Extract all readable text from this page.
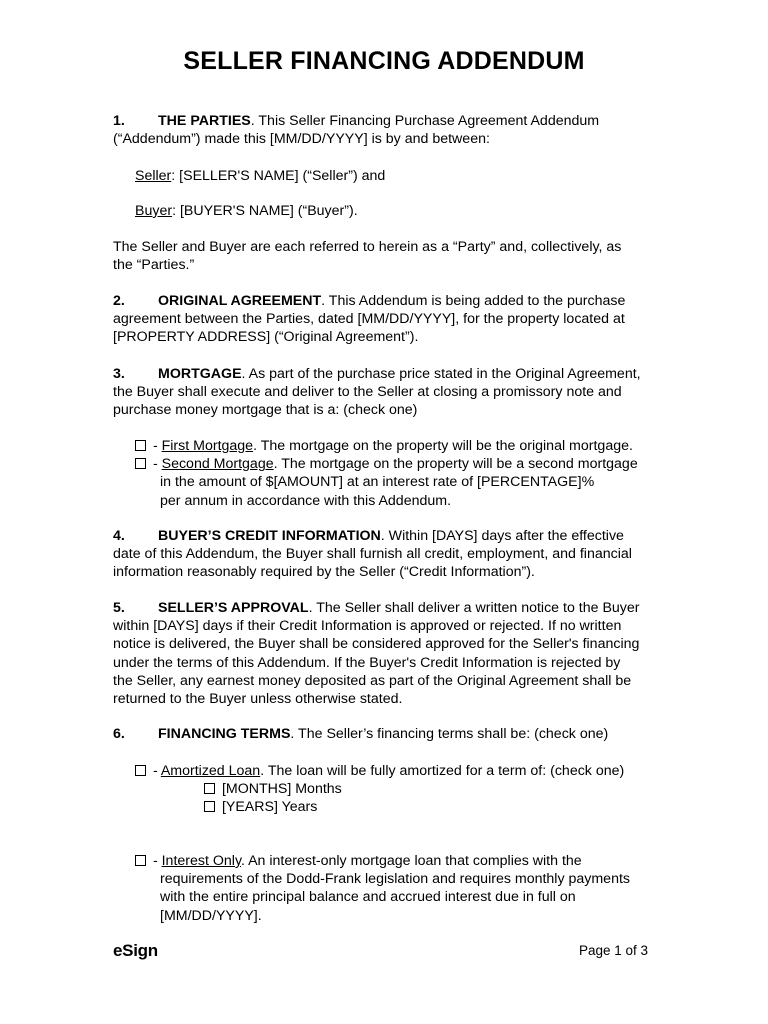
SELLER FINANCING ADDENDUM
1. THE PARTIES. This Seller Financing Purchase Agreement Addendum
(“Addendum”) made this [MM/DD/YYYY] is by and between:
Seller: [SELLER'S NAME] (“Seller”) and
Buyer: [BUYER'S NAME] (“Buyer”).
The Seller and Buyer are each referred to herein as a “Party” and, collectively, as
the “Parties.”
2. ORIGINAL AGREEMENT. This Addendum is being added to the purchase
agreement between the Parties, dated [MM/DD/YYYY], for the property located at
[PROPERTY ADDRESS] (“Original Agreement”).
3. MORTGAGE. As part of the purchase price stated in the Original Agreement,
the Buyer shall execute and deliver to the Seller at closing a promissory note and
purchase money mortgage that is a: (check one)
- First Mortgage. The mortgage on the property will be the original mortgage.
- Second Mortgage. The mortgage on the property will be a second mortgage
in the amount of $[AMOUNT] at an interest rate of [PERCENTAGE]%
per annum in accordance with this Addendum.
4. BUYER’S CREDIT INFORMATION. Within [DAYS] days after the effective
date of this Addendum, the Buyer shall furnish all credit, employment, and financial
information reasonably required by the Seller (“Credit Information”).
5. SELLER’S APPROVAL. The Seller shall deliver a written notice to the Buyer
within [DAYS] days if their Credit Information is approved or rejected. If no written
notice is delivered, the Buyer shall be considered approved for the Seller's financing
under the terms of this Addendum. If the Buyer's Credit Information is rejected by
the Seller, any earnest money deposited as part of the Original Agreement shall be
returned to the Buyer unless otherwise stated.
6. FINANCING TERMS. The Seller’s financing terms shall be: (check one)
- Amortized Loan. The loan will be fully amortized for a term of: (check one)
[MONTHS] Months
[YEARS] Years
- Interest Only. An interest-only mortgage loan that complies with the
requirements of the Dodd-Frank legislation and requires monthly payments
with the entire principal balance and accrued interest due in full on
[MM/DD/YYYY].
eSign	Page 1 of 3
